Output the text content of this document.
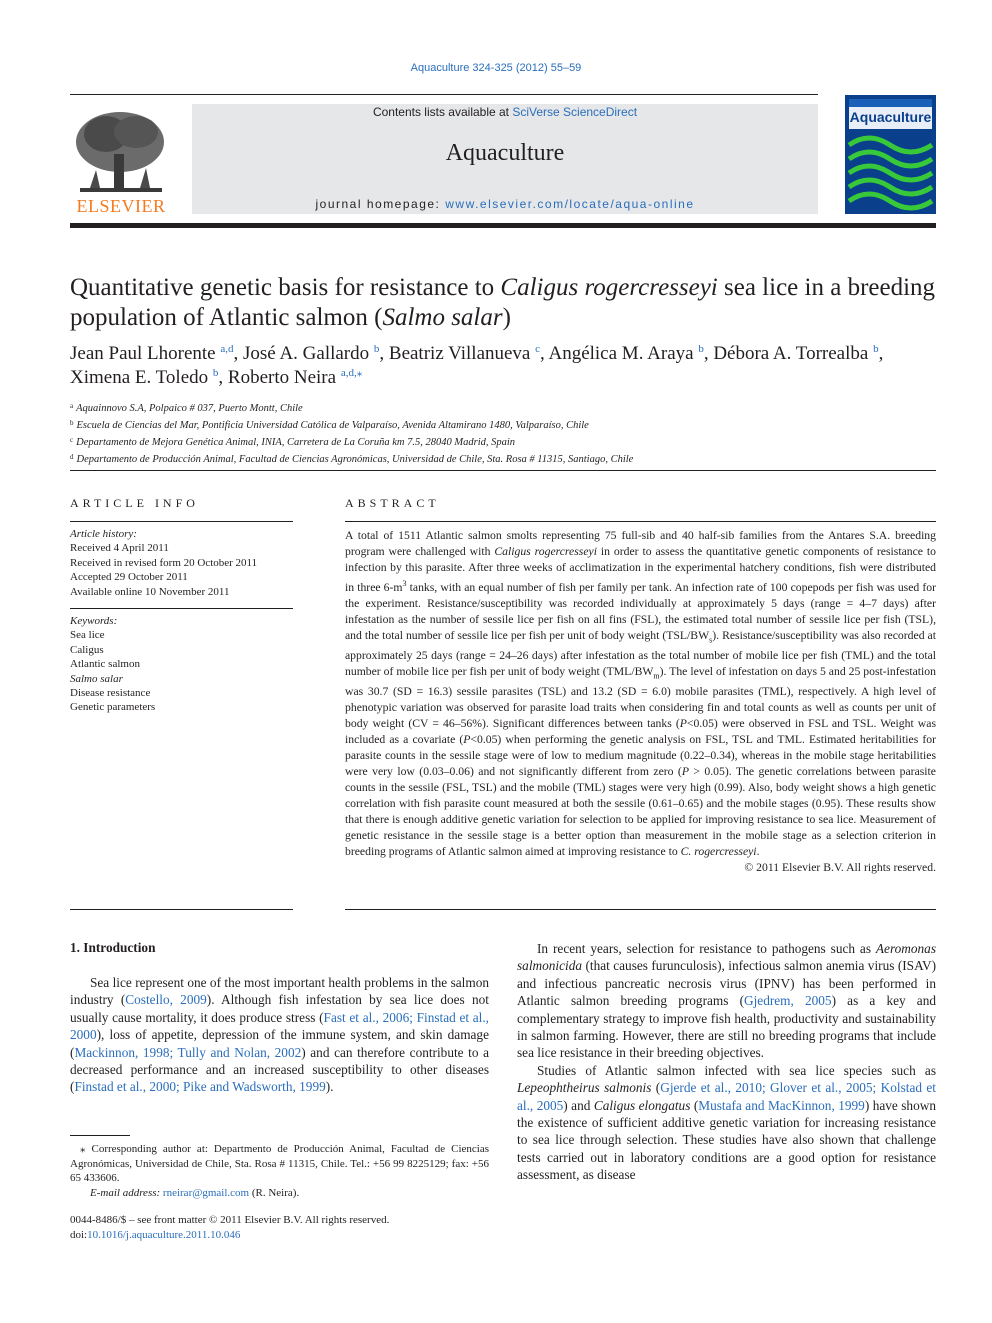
Aquaculture 324-325 (2012) 55–59
ELSEVIER
Contents lists available at SciVerse ScienceDirect
Aquaculture
journal homepage: www.elsevier.com/locate/aqua-online
Aquaculture
Quantitative genetic basis for resistance to Caligus rogercresseyi sea lice in a breeding population of Atlantic salmon (Salmo salar)
Jean Paul Lhorente $^{a,d}$, José A. Gallardo $^b$, Beatriz Villanueva $^c$, Angélica M. Araya $^b$, Débora A. Torrealba $^b$,
Ximena E. Toledo $^b$, Roberto Neira $^{a,d,⁎}$
$^a$ Aquainnovo S.A, Polpaico # 037, Puerto Montt, Chile
$^b$ Escuela de Ciencias del Mar, Pontificia Universidad Católica de Valparaíso, Avenida Altamirano 1480, Valparaíso, Chile
$^c$ Departamento de Mejora Genética Animal, INIA, Carretera de La Coruña km 7.5, 28040 Madrid, Spain
$^d$ Departamento de Producción Animal, Facultad de Ciencias Agronómicas, Universidad de Chile, Sta. Rosa # 11315, Santiago, Chile
ARTICLE INFO
Article history:
Received 4 April 2011
Received in revised form 20 October 2011
Accepted 29 October 2011
Available online 10 November 2011
Keywords:
Sea lice
Caligus
Atlantic salmon
Salmo salar
Disease resistance
Genetic parameters
ABSTRACT
A total of 1511 Atlantic salmon smolts representing 75 full-sib and 40 half-sib families from the Antares S.A. breeding program were challenged with Caligus rogercresseyi in order to assess the quantitative genetic components of resistance to infection by this parasite. After three weeks of acclimatization in the experimental hatchery conditions, fish were distributed in three $6-m^3$ tanks, with an equal number of fish per family per tank. An infection rate of 100 copepods per fish was used for the experiment. Resistance/susceptibility was recorded individually at approximately 5 days (range = 4–7 days) after infestation as the number of sessile lice per fish on all fins (FSL), the estimated total number of sessile lice per fish (TSL), and the total number of sessile lice per fish per unit of body weight $(TSL/BW_s)$. Resistance/susceptibility was also recorded at approximately 25 days (range = 24–26 days) after infestation as the total number of mobile lice per fish (TML) and the total number of mobile lice per fish per unit of body weight $(TML/BW_m)$. The level of infestation on days 5 and 25 post-infestation was 30.7 (SD = 16.3) sessile parasites (TSL) and 13.2 (SD = 6.0) mobile parasites (TML), respectively. A high level of phenotypic variation was observed for parasite load traits when considering fin and total counts as well as counts per unit of body weight (CV = 46–56%). Significant differences between tanks (P<0.05) were observed in FSL and TSL. Weight was included as a covariate (P<0.05) when performing the genetic analysis on FSL, TSL and TML. Estimated heritabilities for parasite counts in the sessile stage were of low to medium magnitude (0.22–0.34), whereas in the mobile stage heritabilities were very low (0.03–0.06) and not significantly different from zero (P > 0.05). The genetic correlations between parasite counts in the sessile (FSL, TSL) and the mobile (TML) stages were very high (0.99). Also, body weight shows a high genetic correlation with fish parasite count measured at both the sessile (0.61–0.65) and the mobile stages (0.95). These results show that there is enough additive genetic variation for selection to be applied for improving resistance to sea lice. Measurement of genetic resistance in the sessile stage is a better option than measurement in the mobile stage as a selection criterion in breeding programs of Atlantic salmon aimed at improving resistance to C. rogercresseyi.
© 2011 Elsevier B.V. All rights reserved.
1. Introduction

Sea lice represent one of the most important health problems in the salmon industry (Costello, 2009). Although fish infestation by sea lice does not usually cause mortality, it does produce stress (Fast et al., 2006; Finstad et al., 2000), loss of appetite, depression of the immune system, and skin damage (Mackinnon, 1998; Tully and Nolan, 2002) and can therefore contribute to a decreased performance and an increased susceptibility to other diseases (Finstad et al., 2000; Pike and Wadsworth, 1999).

In recent years, selection for resistance to pathogens such as Aeromonas salmonicida (that causes furunculosis), infectious salmon anemia virus (ISAV) and infectious pancreatic necrosis virus (IPNV) has been performed in Atlantic salmon breeding programs (Gjedrem, 2005) as a key and complementary strategy to improve fish health, productivity and sustainability in salmon farming. However, there are still no breeding programs that include sea lice resistance in their breeding objectives.

Studies of Atlantic salmon infected with sea lice species such as Lepeophtheirus salmonis (Gjerde et al., 2010; Glover et al., 2005; Kolstad et al., 2005) and Caligus elongatus (Mustafa and MacKinnon, 1999) have shown the existence of sufficient additive genetic variation for increasing resistance to sea lice through selection. These studies have also shown that challenge tests carried out in laboratory conditions are a good option for resistance assessment, as disease

⁎ Corresponding author at: Departmento de Producción Animal, Facultad de Ciencias Agronómicas, Universidad de Chile, Sta. Rosa # 11315, Chile. Tel.: +56 99 8225129; fax: +56 65 433606.
E-mail address: rneirar@gmail.com (R. Neira).
0044-8486/$ – see front matter © 2011 Elsevier B.V. All rights reserved.
doi:10.1016/j.aquaculture.2011.10.046
